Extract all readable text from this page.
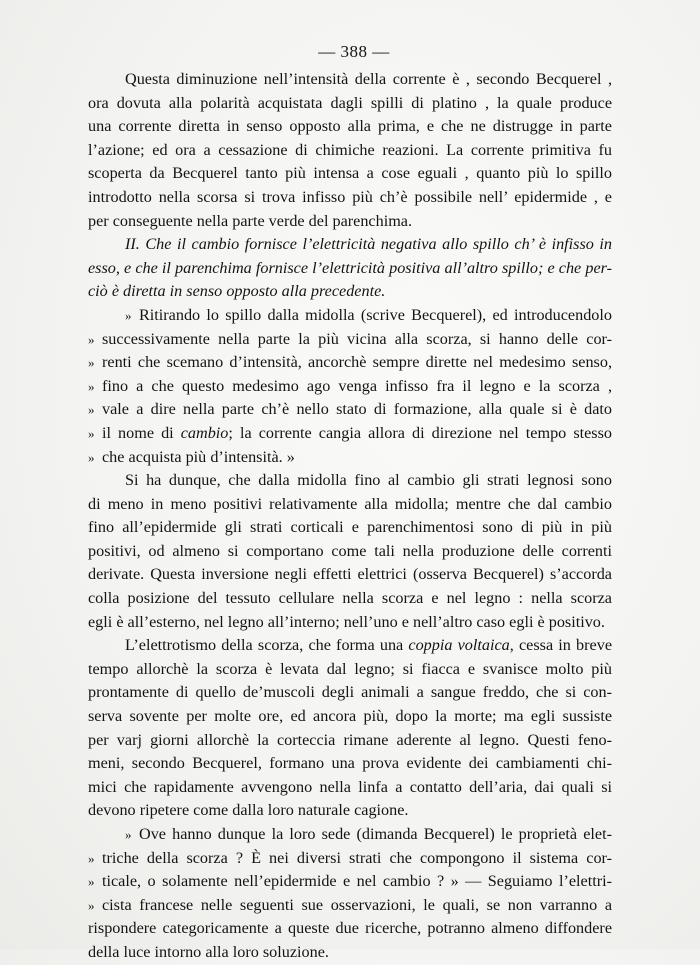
— 388 —
Questa diminuzione nell’intensità della corrente è , secondo Becquerel ,
ora dovuta alla polarità acquistata dagli spilli di platino , la quale produce
una corrente diretta in senso opposto alla prima, e che ne distrugge in parte
l’azione; ed ora a cessazione di chimiche reazioni. La corrente primitiva fu
scoperta da Becquerel tanto più intensa a cose eguali , quanto più lo spillo
introdotto nella scorsa si trova infisso più ch’è possibile nell’ epidermide , e
per conseguente nella parte verde del parenchima.
II. Che il cambio fornisce l’elettricità negativa allo spillo ch’ è infisso in
esso, e che il parenchima fornisce l’elettricità positiva all’altro spillo; e che per-
ciò è diretta in senso opposto alla precedente.
» Ritirando lo spillo dalla midolla (scrive Becquerel), ed introducendolo
» successivamente nella parte la più vicina alla scorza, si hanno delle cor-
» renti che scemano d’intensità, ancorchè sempre dirette nel medesimo senso,
» fino a che questo medesimo ago venga infisso fra il legno e la scorza ,
» vale a dire nella parte ch’è nello stato di formazione, alla quale si è dato
» il nome di cambio; la corrente cangia allora di direzione nel tempo stesso
» che acquista più d’intensità. »
Si ha dunque, che dalla midolla fino al cambio gli strati legnosi sono
di meno in meno positivi relativamente alla midolla; mentre che dal cambio
fino all’epidermide gli strati corticali e parenchimentosi sono di più in più
positivi, od almeno si comportano come tali nella produzione delle correnti
derivate. Questa inversione negli effetti elettrici (osserva Becquerel) s’accorda
colla posizione del tessuto cellulare nella scorza e nel legno : nella scorza
egli è all’esterno, nel legno all’interno; nell’uno e nell’altro caso egli è positivo.
L’elettrotismo della scorza, che forma una coppia voltaica, cessa in breve
tempo allorchè la scorza è levata dal legno; si fiacca e svanisce molto più
prontamente di quello de’muscoli degli animali a sangue freddo, che si con-
serva sovente per molte ore, ed ancora più, dopo la morte; ma egli sussiste
per varj giorni allorchè la corteccia rimane aderente al legno. Questi feno-
meni, secondo Becquerel, formano una prova evidente dei cambiamenti chi-
mici che rapidamente avvengono nella linfa a contatto dell’aria, dai quali si
devono ripetere come dalla loro naturale cagione.
» Ove hanno dunque la loro sede (dimanda Becquerel) le proprietà elet-
» triche della scorza ? È nei diversi strati che compongono il sistema cor-
» ticale, o solamente nell’epidermide e nel cambio ? » — Seguiamo l’elettri-
» cista francese nelle seguenti sue osservazioni, le quali, se non varranno a
rispondere categoricamente a queste due ricerche, potranno almeno diffondere
della luce intorno alla loro soluzione.
